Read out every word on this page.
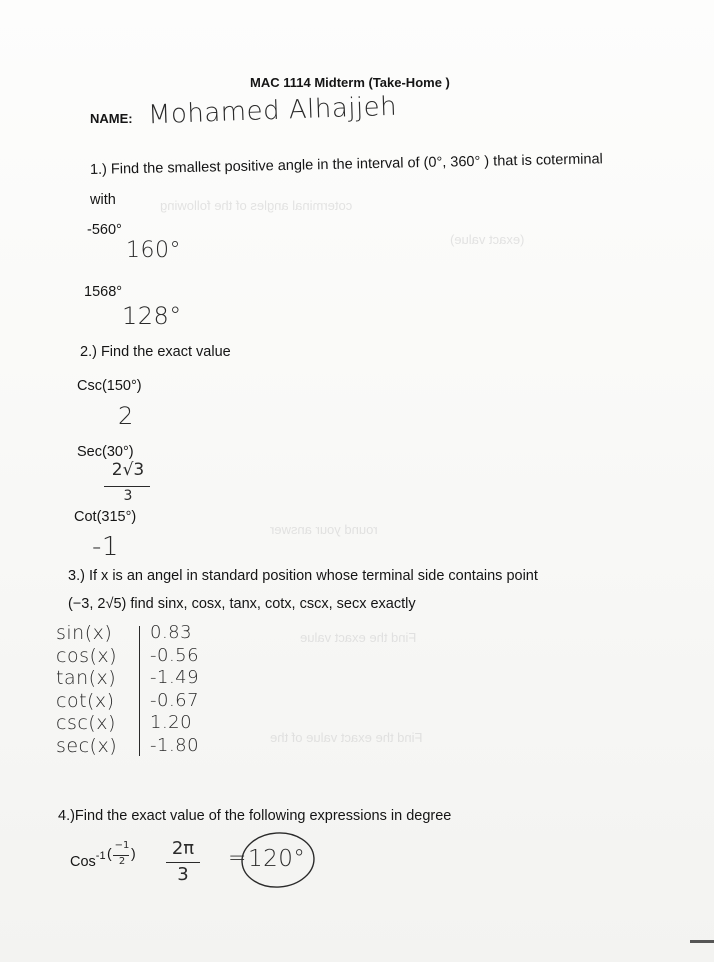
coterminal angles of the following
(exact value)
round your answer
Find the exact value
Find the exact value of the
MAC 1114 Midterm (Take-Home )
NAME: Mohamed Alhajjeh
1.) Find the smallest positive angle in the interval of (0°, 360° ) that is coterminal
with
-560°
160°
1568°
128°
2.) Find the exact value
Csc(150°)
2
Sec(30°)
2√3
3
Cot(315°)
-1
3.) If x is an angel in standard position whose terminal side contains point
(−3, 2√5) find sinx, cosx, tanx, cotx, cscx, secx exactly
sin(x) 0.83
cos(x) -0.56
tan(x) -1.49
cot(x) -0.67
csc(x) 1.20
sec(x) -1.80
4.)Find the exact value of the following expressions in degree
Cos$^{-1}$ ( −1
2
)	2π
3
= 120°
